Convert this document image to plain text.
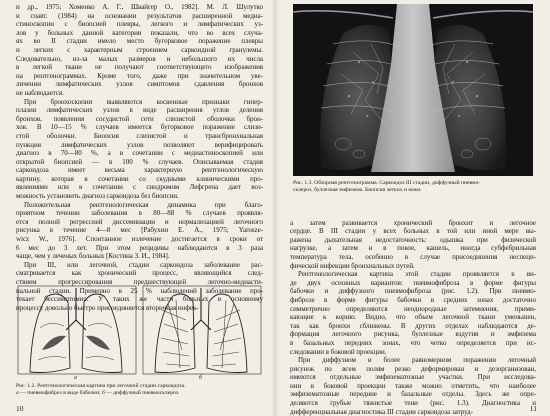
и др., 1975; Хоменко А. Г., Швайгер О., 1982]. М. Л. Шулутко
и соавт. (1984) на основании результатов расширенной медиа-
стиноскопии с биопсией плевры, легкого и лимфатических уз-
лов у больных данной категории показали, что во всех случа-
ях во II стадии имело место бугорковое поражение плевры
и легких с характерным строением саркоидной гранулемы.
Следовательно, из-за малых размеров и небольшого их числа
в легкой ткани не получают соответствующего изображения
на рентгенограммах. Кроме того, даже при значительном уве-
личении лимфатических узлов симптомов сдавления бронхов
не наблюдается.
При бронхоскопии выявляются косвенные признаки гипер-
плазии лимфатических узлов в виде расширения углов деления
бронхов, появления сосудистой сети слизистой оболочки брон-
хов. В 10—15 % случаев имеется бугорковое поражение слизи-
стой оболочки. Биопсия слизистой и трансбронхиальная
пункция лимфатических узлов позволяют верифицировать
диагноз в 70—80 %, а в сочетании с медиастиноскопией или
открытой биопсией — в 100 % случаев. Описываемая стадия
саркоидоза имеет весьма характерную рентгенологическую
картину, которая в сочетании со скудными клиническими про-
явлениями или в сочетании с синдромом Лефгрена дает воз-
можность установить диагноз саркоидоза без биопсии.
Положительная рентгенологическая динамика при благо-
приятном течении заболевания в 80—88 % случаев проявля-
ется полной регрессией диссеминации и нормализацией легочного
рисунка в течение 4—8 мес [Рабухин Е. А., 1975; Yarosze-
wicz W., 1976]. Спонтанное излечение достигается в сроки от
6 мес до 3 лет. При этом рецидивы наблюдаются в 3 раза
чаще, чем у леченых больных [Костина З. И., 1984].
При III, или легочной, стадии саркоидоза заболевание рас-
сматривается как хронический процесс, являющийся след-
ствием прогрессирования предшествующей легочно-медиасти-
нальной стадии. Примерно в 25 % наблюдений заболевание про-
текает бессимптомно. У таких же части больных в основному
процессу довольно быстро присоединяется вторичная инфек-
а	б
Рис. 1.2. Рентгенологическая картина при легочной стадии саркоидоза.
а — пневмофиброз в виде бабочки; б — диффузный пневмосклероз.
10
Рис. 1.3. Обзорная рентгенограмма. Саркоидоз III стадии, диффузный пневмо-
склероз, буллезная эмфизема. Биопсия легких и кожи.
а затем развивается хронический бронхит и легочное
сердце. В III стадии у всех больных в той или иной мере вы-
ражена дыхательная недостаточность: одышка при физической
нагрузке, а затем и в покое, кашель, иногда субфебрильная
температура тела, особенно в случае присоединения неспеци-
фической инфекции бронхиальных путей.
Рентгенологическая картина этой стадии проявляется в ви-
де двух основных вариантов: пневмофиброза в форме фигуры
бабочки и диффузного пневмофиброза (рис. 1.2). При пневмо-
фиброзе в форме фигуры бабочки в средних зонах достаточно
симметрично определяются неоднородные затемнения, прими-
кающие к корню. Видно, что объем легочной ткани уменьшен,
так как бронхи сближены. В других отделах наблюдаются де-
формация легочного рисунка, буллезные вздутия и эмфизема
в базальных передних зонах, что четко определяется при ис-
следовании в боковой проекции.
При диффузном и более равномерном поражении легочный
рисунок по всем полям резко деформирован и дезорганизован,
имеются отдельные эмфизематозные участки. При исследова-
нии в боковой проекции также можно отметить, что наиболее
эмфизематозные передние и базальные отделы. Здесь же опре-
деляются грубые тяжистые тени (рис. 1.3). Диагностика и
дифференциальная диагностика III стадии саркоидоза затруд-	11
